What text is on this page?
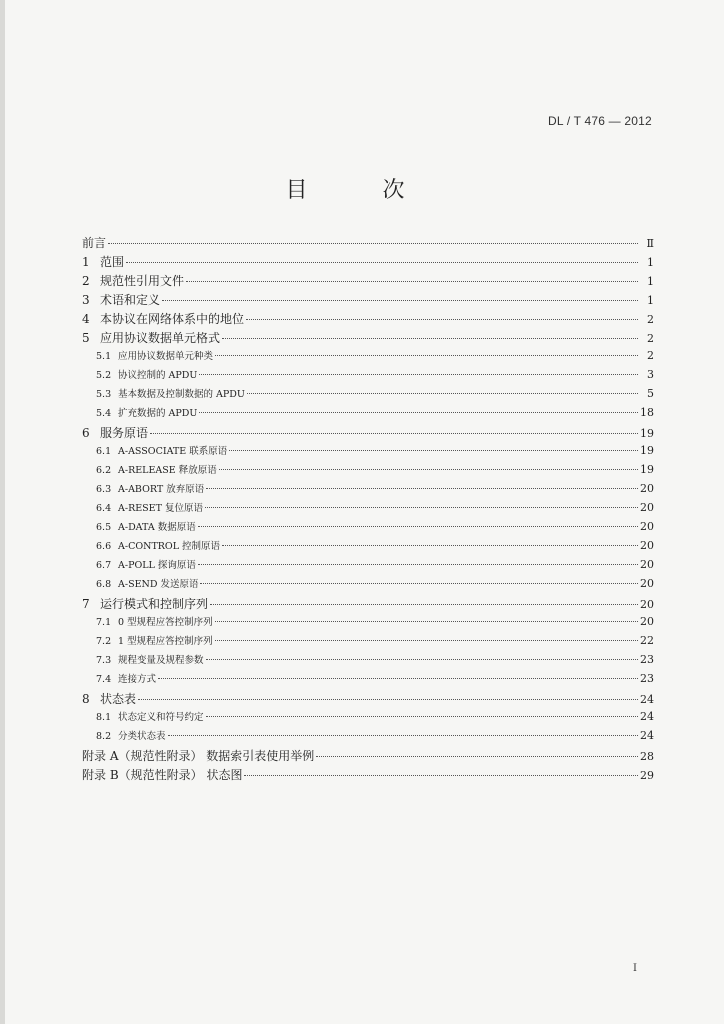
DL / T 476 — 2012
目 次
前言	Ⅱ
1 范围	1
2 规范性引用文件	1
3 术语和定义	1
4 本协议在网络体系中的地位	2
5 应用协议数据单元格式	2
5.1 应用协议数据单元种类	2
5.2 协议控制的 APDU	3
5.3 基本数据及控制数据的 APDU	5
5.4 扩充数据的 APDU	18
6 服务原语	19
6.1 A-ASSOCIATE 联系原语	19
6.2 A-RELEASE 释放原语	19
6.3 A-ABORT 放弃原语	20
6.4 A-RESET 复位原语	20
6.5 A-DATA 数据原语	20
6.6 A-CONTROL 控制原语	20
6.7 A-POLL 探询原语	20
6.8 A-SEND 发送原语	20
7 运行模式和控制序列	20
7.1 0 型规程应答控制序列	20
7.2 1 型规程应答控制序列	22
7.3 规程变量及规程参数	23
7.4 连接方式	23
8 状态表	24
8.1 状态定义和符号约定	24
8.2 分类状态表	24
附录 A（规范性附录） 数据索引表使用举例	28
附录 B（规范性附录） 状态图	29
I
